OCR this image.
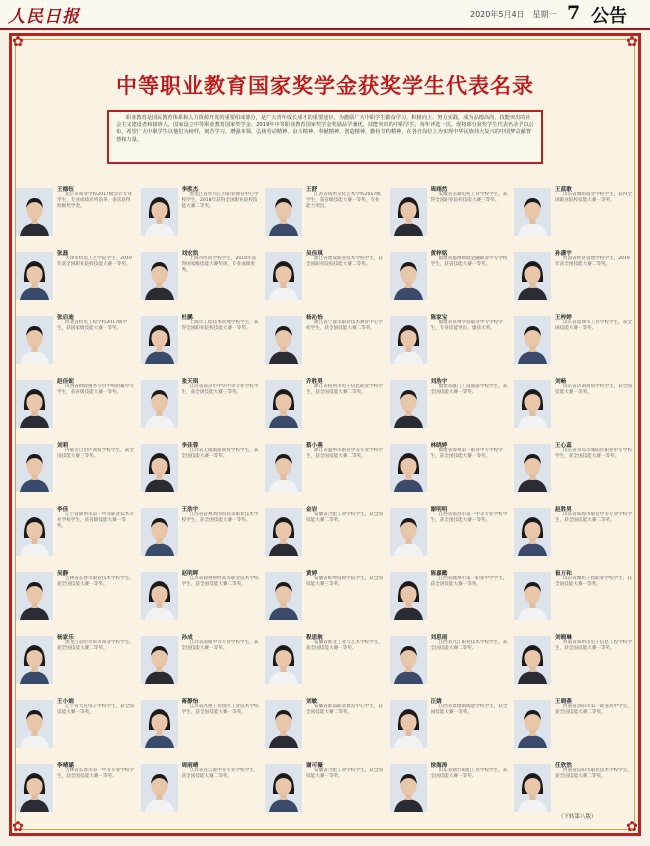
人民日报	2020年5月4日　星期一 7 公告
✿	✿
✿	✿
中等职业教育国家奖学金获奖学生代表名录
职业教育是国民教育体系和人力资源开发的重要组成部分，是广大青年成长成才的重要途径。为激励广大中职学生勤奋学习、积极向上、努力实践，成为品德高尚、技能突出的社会主义建设者和接班人，国家设立中等职业教育国家奖学金。2019年中等职业教育国家奖学金奖励品学兼优、技能突出的中职学生，每年评选一次。现将部分获奖学生代表名录予以公布，希望广大中职学生以他们为榜样，刻苦学习，增强本领，弘扬劳动精神、奋斗精神、奉献精神、创造精神、勤俭节约精神，在各自岗位上为实现中华民族伟大复兴的中国梦贡献智慧和力量。
王德钰
北京市商业学校2017级会计专业学生，专业成绩名列前茅，多次获得校级奖学金。
李胜杰
黑龙江省牡丹江市职业教育中心学校学生，2018年获得全国职业院校技能大赛二等奖。
王舒
江苏省扬州文化艺术学校2017级学生，获省级技能大赛一等奖，专业能力突出。
周翊然
安徽省芜湖电机工业学校学生，获得全国职业院校技能大赛三等奖。
王蓝歌
山东省潍坊商业学校学生，获得全国职业院校技能大赛一等奖。
张磊
天津市机电工艺学院学生，2019年获全国职业院校技能大赛一等奖。
刘宏凯
上海市医药学校学生，2018年获得国家级技能大赛奖项，专业成绩优秀。
吴佳琪
浙江省建设职业技术学校学生，获全国职业院校技能大赛二等奖。
黄梓铭
福建省福州财政金融职业中专学校学生，获省技能大赛一等奖。
孙潇宇
河南省经济管理学校学生，2019年获全国技能大赛二等奖。
张启迪
河北省机电工程学校2017级学生，获国家级技能大赛一等奖。
杜鹏
上海市工程技术管理学校学生，获得全国职业院校技能大赛一等奖。
杨沁怡
浙江省宁波市职业技术教育中心学校学生，获全国技能大赛二等奖。
陈家宝
福建省泉州华侨职业中专学校学生，专业技能突出，屡获大奖。
王梓婷
山东省淄博市工业学校学生，获全国技能大赛一等奖。
赵佳妮
山西省财政税务专科学校附属中专学生，获省级技能大赛一等奖。
张天琪
江苏省南京市中华中等专业学校学生，获全国技能大赛三等奖。
乔胜男
浙江省杭州市电子信息职业学校学生，获全国技能大赛二等奖。
刘浩宇
福建省厦门工商旅游学校学生，获全国技能大赛一等奖。
刘畅
山东省济南商贸学校学生，获全国技能大赛一等奖。
刘莉
内蒙古自治区商贸学校学生，获全国技能大赛三等奖。
李佳蓉
江苏省无锡旅游商贸学校学生，获全国技能大赛一等奖。
蔡小燕
浙江省温州市职业中等专业学校学生，获全国技能大赛二等奖。
林晓婷
福建省漳州第一职业中专学校学生，获全国技能大赛一等奖。
王心蕊
山东省青岛市城阳区职业中专学校学生，获全国技能大赛一等奖。
李佳
辽宁省锦州市第一中等职业技术专业学校学生，获省级技能大赛一等奖。
王浩宇
江苏省常州刘国钧高等职业技术学校学生，获全国技能大赛一等奖。
金岩
安徽省合肥工业学校学生，获全国技能大赛二等奖。
谢明明
江西省南昌市第一中等专业学校学生，获全国技能大赛一等奖。
赵胜男
山东省威海市职业中等专业学校学生，获全国技能大赛二等奖。
吴静
吉林省长春市职业技术学校学生，获全国技能大赛一等奖。
赵明晖
江苏省徐州财经高等职业技术学校学生，获全国技能大赛二等奖。
黄婷
安徽省蚌埠技师学院学生，获全国技能大赛三等奖。
陈嘉懿
江西省赣州市第一职业中学学生，获全国技能大赛一等奖。
崔万和
山东省潍坊工程职业学校学生，获全国技能大赛一等奖。
杨家乐
黑龙江省哈尔滨市商业学校学生，获全国技能大赛二等奖。
孙成
江苏省南通中等专业学校学生，获全国技能大赛一等奖。
程思航
安徽省淮北工业与艺术学校学生，获全国技能大赛一等奖。
刘思雨
江西省九江职业技术学校学生，获全国技能大赛二等奖。
刘晓琳
河南省郑州市电子信息工程学校学生，获全国技能大赛一等奖。
王小娟
辽宁省大连电子学校学生，获全国技能大赛一等奖。
蒋静怡
江苏省苏州工业园区工业技术学校学生，获全国技能大赛一等奖。
刘敏
安徽省淮南职业教育中心学生，获全国技能大赛二等奖。
汪婧
江西省景德镇陶瓷学校学生，获全国技能大赛一等奖。
王晓燕
河南省洛阳市第一职业高中学生，获全国技能大赛二等奖。
李晴涵
吉林省长春市第一中等专业学校学生，获全国技能大赛一等奖。
周雨晴
江苏省连云港中等专业学校学生，获全国技能大赛二等奖。
谢可薇
安徽省合肥工业学校学生，获全国技能大赛一等奖。
徐海涛
山东省烟台船舶工业学校学生，获全国技能大赛一等奖。
任欣然
河南省信阳市职业技术学校学生，获全国技能大赛二等奖。
（下转第八版）
